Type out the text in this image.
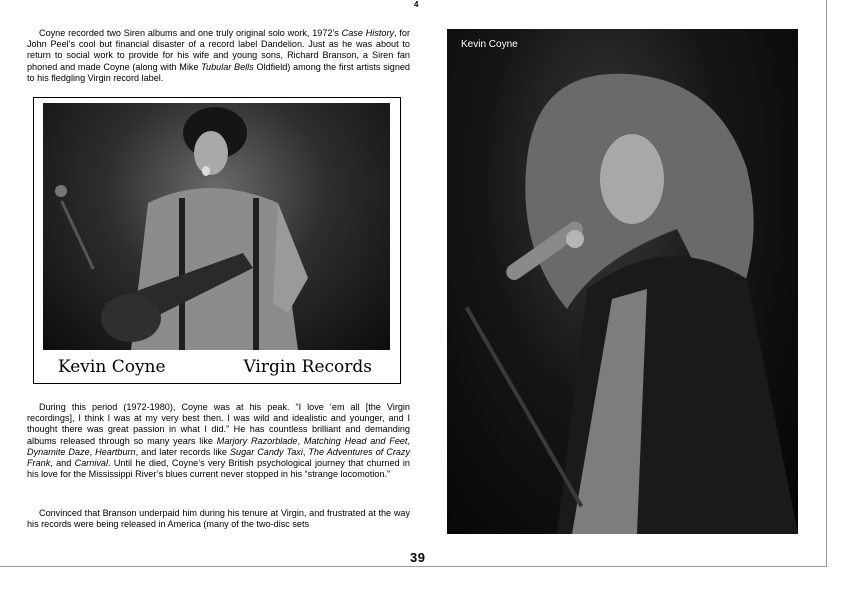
4

Coyne recorded two Siren albums and one truly original solo work, 1972’s Case History, for John Peel’s cool but financial disaster of a record label Dandelion. Just as he was about to return to social work to provide for his wife and young sons, Richard Branson, a Siren fan phoned and made Coyne (along with Mike Tubular Bells Oldfield) among the first artists signed to his fledgling Virgin record label.

Kevin Coyne	Virgin Records

During this period (1972-1980), Coyne was at his peak. “I love ‘em all [the Virgin recordings], I think I was at my very best then. I was wild and idealistic and younger, and I thought there was great passion in what I did.” He has countless brilliant and demanding albums released through so many years like Marjory Razorblade, Matching Head and Feet, Dynamite Daze, Heartburn, and later records like Sugar Candy Taxi, The Adventures of Crazy Frank, and Carnival. Until he died, Coyne’s very British psychological journey that churned in his love for the Mississippi River’s blues current never stopped in his “strange locomotion.”

Convinced that Branson underpaid him during his tenure at Virgin, and frustrated at the way his records were being released in America (many of the two-disc sets

Kevin Coyne
39
